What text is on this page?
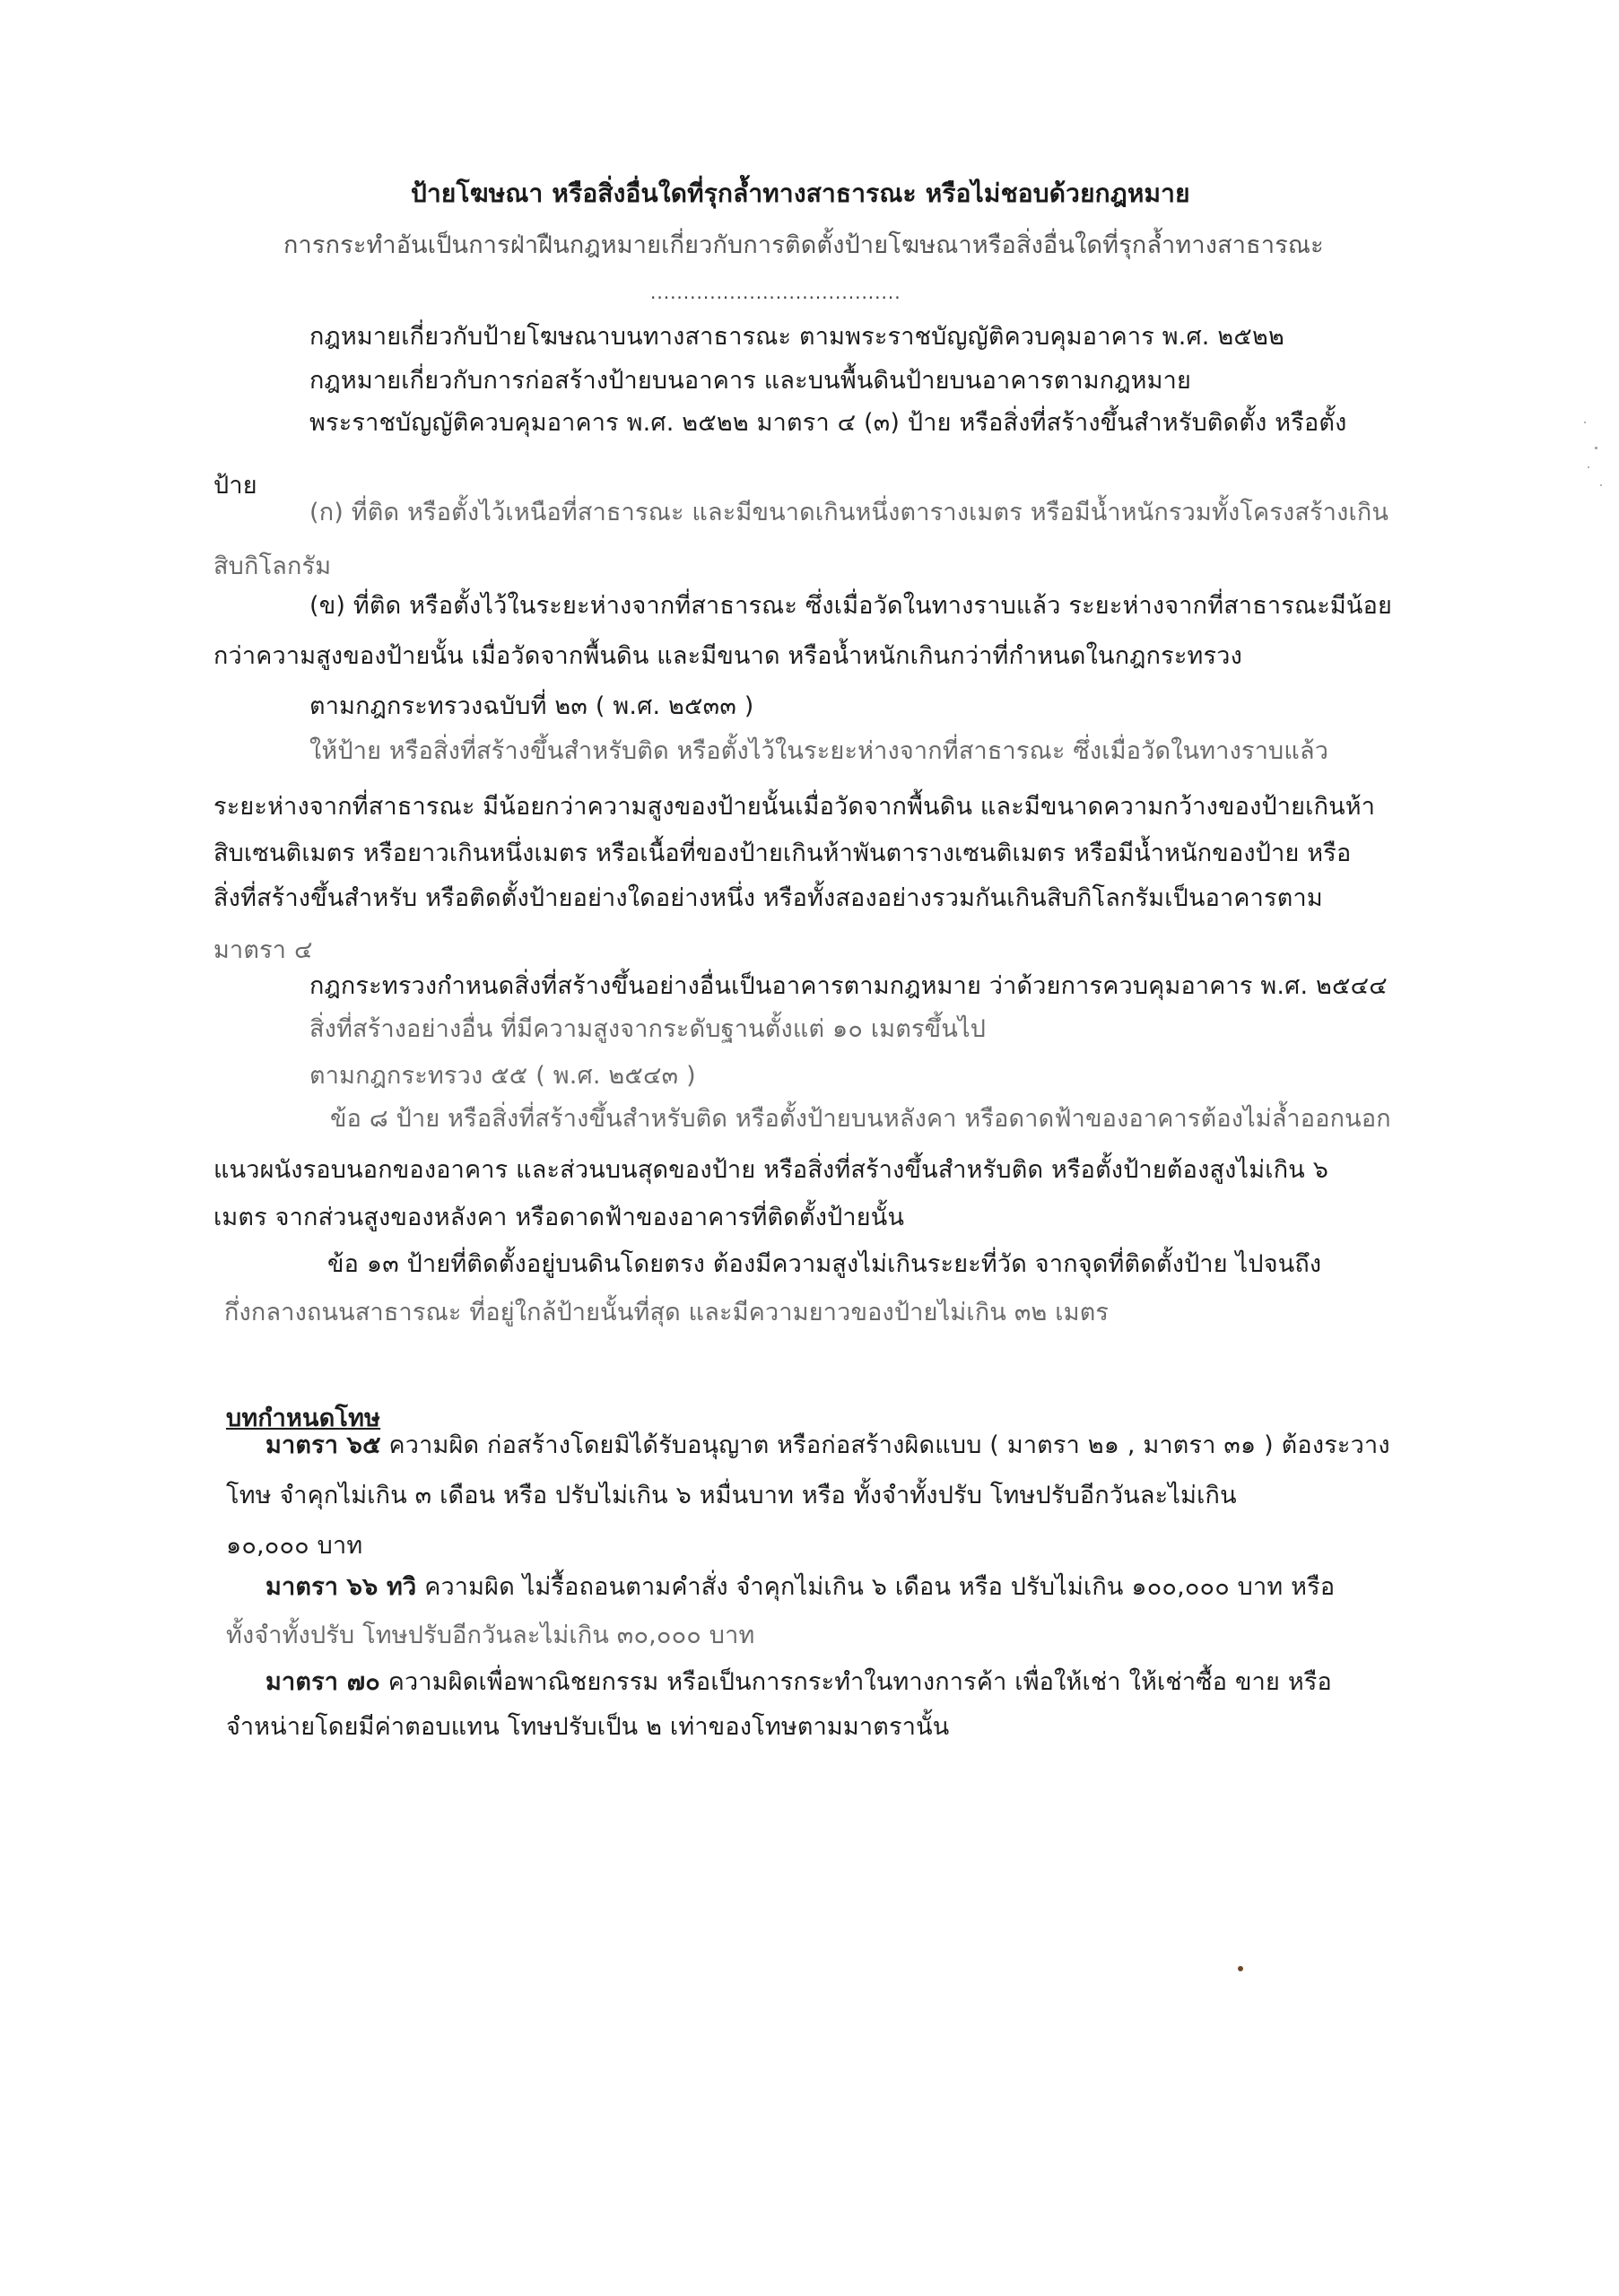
ป้ายโฆษณา หรือสิ่งอื่นใดที่รุกล้ำทางสาธารณะ หรือไม่ชอบด้วยกฎหมาย
การกระทำอันเป็นการฝ่าฝืนกฎหมายเกี่ยวกับการติดตั้งป้ายโฆษณาหรือสิ่งอื่นใดที่รุกล้ำทางสาธารณะ
......................................
กฎหมายเกี่ยวกับป้ายโฆษณาบนทางสาธารณะ ตามพระราชบัญญัติควบคุมอาคาร พ.ศ. ๒๕๒๒
กฎหมายเกี่ยวกับการก่อสร้างป้ายบนอาคาร และบนพื้นดินป้ายบนอาคารตามกฎหมาย
พระราชบัญญัติควบคุมอาคาร พ.ศ. ๒๕๒๒ มาตรา ๔ (๓) ป้าย หรือสิ่งที่สร้างขึ้นสำหรับติดตั้ง หรือตั้ง
ป้าย
(ก) ที่ติด หรือตั้งไว้เหนือที่สาธารณะ และมีขนาดเกินหนึ่งตารางเมตร หรือมีน้ำหนักรวมทั้งโครงสร้างเกิน
สิบกิโลกรัม
(ข) ที่ติด หรือตั้งไว้ในระยะห่างจากที่สาธารณะ ซึ่งเมื่อวัดในทางราบแล้ว ระยะห่างจากที่สาธารณะมีน้อย
กว่าความสูงของป้ายนั้น เมื่อวัดจากพื้นดิน และมีขนาด หรือน้ำหนักเกินกว่าที่กำหนดในกฎกระทรวง
ตามกฎกระทรวงฉบับที่ ๒๓ ( พ.ศ. ๒๕๓๓ )
ให้ป้าย หรือสิ่งที่สร้างขึ้นสำหรับติด หรือตั้งไว้ในระยะห่างจากที่สาธารณะ ซึ่งเมื่อวัดในทางราบแล้ว
ระยะห่างจากที่สาธารณะ มีน้อยกว่าความสูงของป้ายนั้นเมื่อวัดจากพื้นดิน และมีขนาดความกว้างของป้ายเกินห้า
สิบเซนติเมตร หรือยาวเกินหนึ่งเมตร หรือเนื้อที่ของป้ายเกินห้าพันตารางเซนติเมตร หรือมีน้ำหนักของป้าย หรือ
สิ่งที่สร้างขึ้นสำหรับ หรือติดตั้งป้ายอย่างใดอย่างหนึ่ง หรือทั้งสองอย่างรวมกันเกินสิบกิโลกรัมเป็นอาคารตาม
มาตรา ๔
กฎกระทรวงกำหนดสิ่งที่สร้างขึ้นอย่างอื่นเป็นอาคารตามกฎหมาย ว่าด้วยการควบคุมอาคาร พ.ศ. ๒๕๔๔
สิ่งที่สร้างอย่างอื่น ที่มีความสูงจากระดับฐานตั้งแต่ ๑๐ เมตรขึ้นไป
ตามกฎกระทรวง ๕๕ ( พ.ศ. ๒๕๔๓ )
ข้อ ๘ ป้าย หรือสิ่งที่สร้างขึ้นสำหรับติด หรือตั้งป้ายบนหลังคา หรือดาดฟ้าของอาคารต้องไม่ล้ำออกนอก
แนวผนังรอบนอกของอาคาร และส่วนบนสุดของป้าย หรือสิ่งที่สร้างขึ้นสำหรับติด หรือตั้งป้ายต้องสูงไม่เกิน ๖
เมตร จากส่วนสูงของหลังคา หรือดาดฟ้าของอาคารที่ติดตั้งป้ายนั้น
ข้อ ๑๓ ป้ายที่ติดตั้งอยู่บนดินโดยตรง ต้องมีความสูงไม่เกินระยะที่วัด จากจุดที่ติดตั้งป้าย ไปจนถึง
กึ่งกลางถนนสาธารณะ ที่อยู่ใกล้ป้ายนั้นที่สุด และมีความยาวของป้ายไม่เกิน ๓๒ เมตร
บทกำหนดโทษ
มาตรา ๖๕ ความผิด ก่อสร้างโดยมิได้รับอนุญาต หรือก่อสร้างผิดแบบ ( มาตรา ๒๑ , มาตรา ๓๑ ) ต้องระวาง
โทษ จำคุกไม่เกิน ๓ เดือน หรือ ปรับไม่เกิน ๖ หมื่นบาท หรือ ทั้งจำทั้งปรับ โทษปรับอีกวันละไม่เกิน
๑๐,๐๐๐ บาท
มาตรา ๖๖ ทวิ ความผิด ไม่รื้อถอนตามคำสั่ง จำคุกไม่เกิน ๖ เดือน หรือ ปรับไม่เกิน ๑๐๐,๐๐๐ บาท หรือ
ทั้งจำทั้งปรับ โทษปรับอีกวันละไม่เกิน ๓๐,๐๐๐ บาท
มาตรา ๗๐ ความผิดเพื่อพาณิชยกรรม หรือเป็นการกระทำในทางการค้า เพื่อให้เช่า ให้เช่าซื้อ ขาย หรือ
จำหน่ายโดยมีค่าตอบแทน โทษปรับเป็น ๒ เท่าของโทษตามมาตรานั้น
